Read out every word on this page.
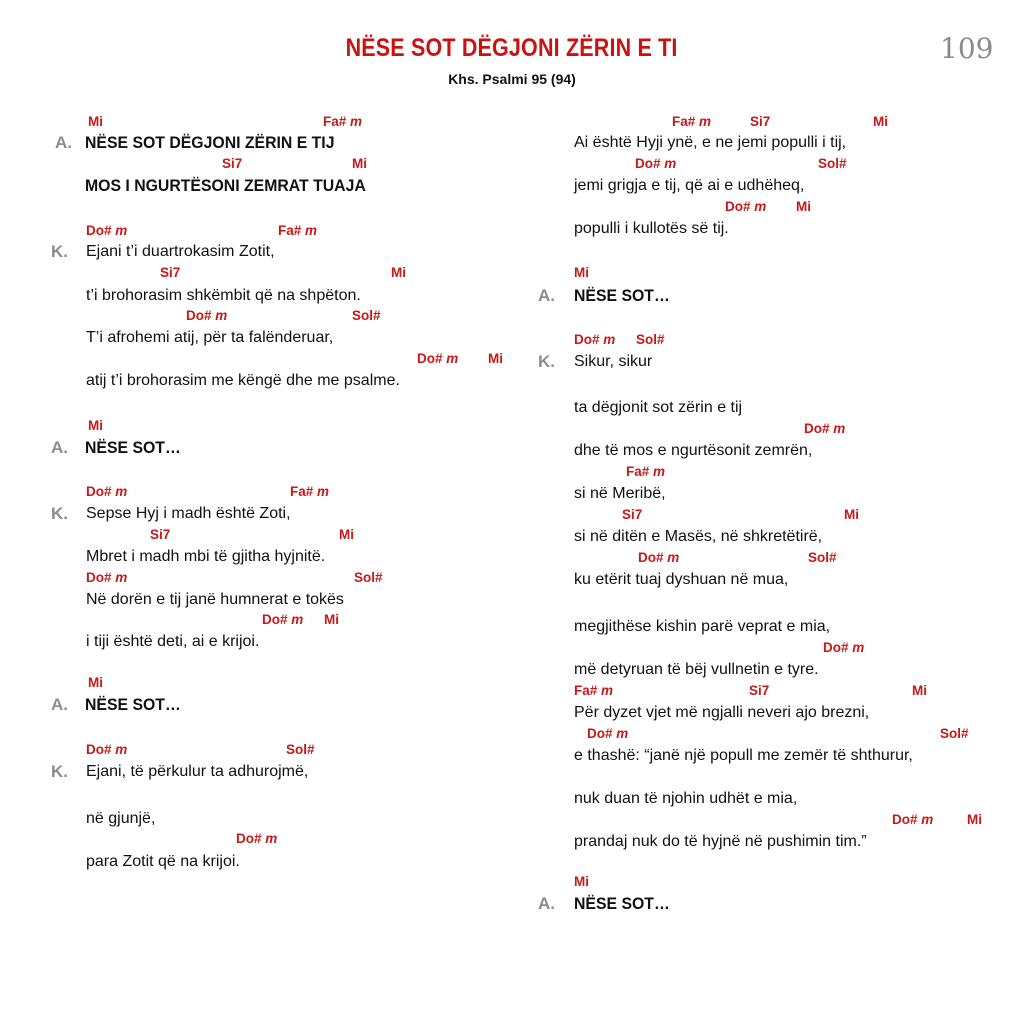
NËSE SOT DËGJONI ZËRIN E TI
Khs. Psalmi 95 (94)
109
Mi	Fa# m
A. NËSE SOT DËGJONI ZËRIN E TIJ
Si7	Mi
MOS I NGURTËSONI ZEMRAT TUAJA
Do# m	Fa# m
K. Ejani t’i duartrokasim Zotit,
Si7	Mi
t’i brohorasim shkëmbit që na shpëton.
Do# m	Sol#
T’i afrohemi atij, për ta falënderuar,
Do# m Mi
atij t’i brohorasim me këngë dhe me psalme.
Mi
A. NËSE SOT…
Do# m	Fa# m
K. Sepse Hyj i madh është Zoti,
Si7	Mi
Mbret i madh mbi të gjitha hyjnitë.
Do# m	Sol#
Në dorën e tij janë humnerat e tokës
Do# m Mi
i tiji është deti, ai e krijoi.
Mi
A. NËSE SOT…
Do# m	Sol#
K. Ejani, të përkulur ta adhurojmë,
në gjunjë,
Do# m
para Zotit që na krijoi.
Fa# m	Si7	Mi
Ai është Hyji ynë, e ne jemi populli i tij,
Do# m	Sol#
jemi grigja e tij, që ai e udhëheq,
Do# m Mi
populli i kullotës së tij.
Mi
A. NËSE SOT…
Do# m Sol#
K. Sikur, sikur
ta dëgjonit sot zërin e tij
Do# m
dhe të mos e ngurtësonit zemrën,
Fa# m
si në Meribë,
Si7	Mi
si në ditën e Masës, në shkretëtirë,
Do# m	Sol#
ku etërit tuaj dyshuan në mua,
megjithëse kishin parë veprat e mia,
Do# m
më detyruan të bëj vullnetin e tyre.
Fa# m	Si7	Mi
Për dyzet vjet më ngjalli neveri ajo brezni,
Do# m	Sol#
e thashë: “janë një popull me zemër të shthurur,
nuk duan të njohin udhët e mia,
Do# m Mi
prandaj nuk do të hyjnë në pushimin tim.”
Mi
A. NËSE SOT…
